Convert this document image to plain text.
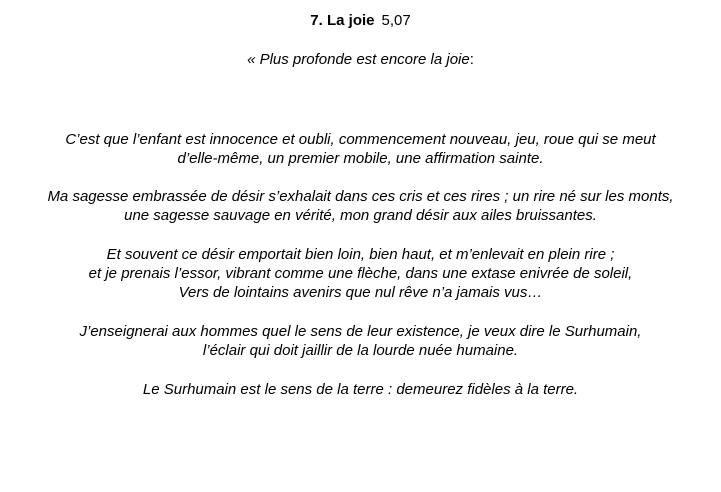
7. La joie 5,07
« Plus profonde est encore la joie:
C’est que l’enfant est innocence et oubli, commencement nouveau, jeu, roue qui se meut
d’elle-même, un premier mobile, une affirmation sainte.
Ma sagesse embrassée de désir s’exhalait dans ces cris et ces rires ; un rire né sur les monts,
une sagesse sauvage en vérité, mon grand désir aux ailes bruissantes.
Et souvent ce désir emportait bien loin, bien haut, et m’enlevait en plein rire ;
et je prenais l’essor, vibrant comme une flèche, dans une extase enivrée de soleil,
Vers de lointains avenirs que nul rêve n’a jamais vus…
J’enseignerai aux hommes quel le sens de leur existence, je veux dire le Surhumain,
l’éclair qui doit jaillir de la lourde nuée humaine.
Le Surhumain est le sens de la terre : demeurez fidèles à la terre.
